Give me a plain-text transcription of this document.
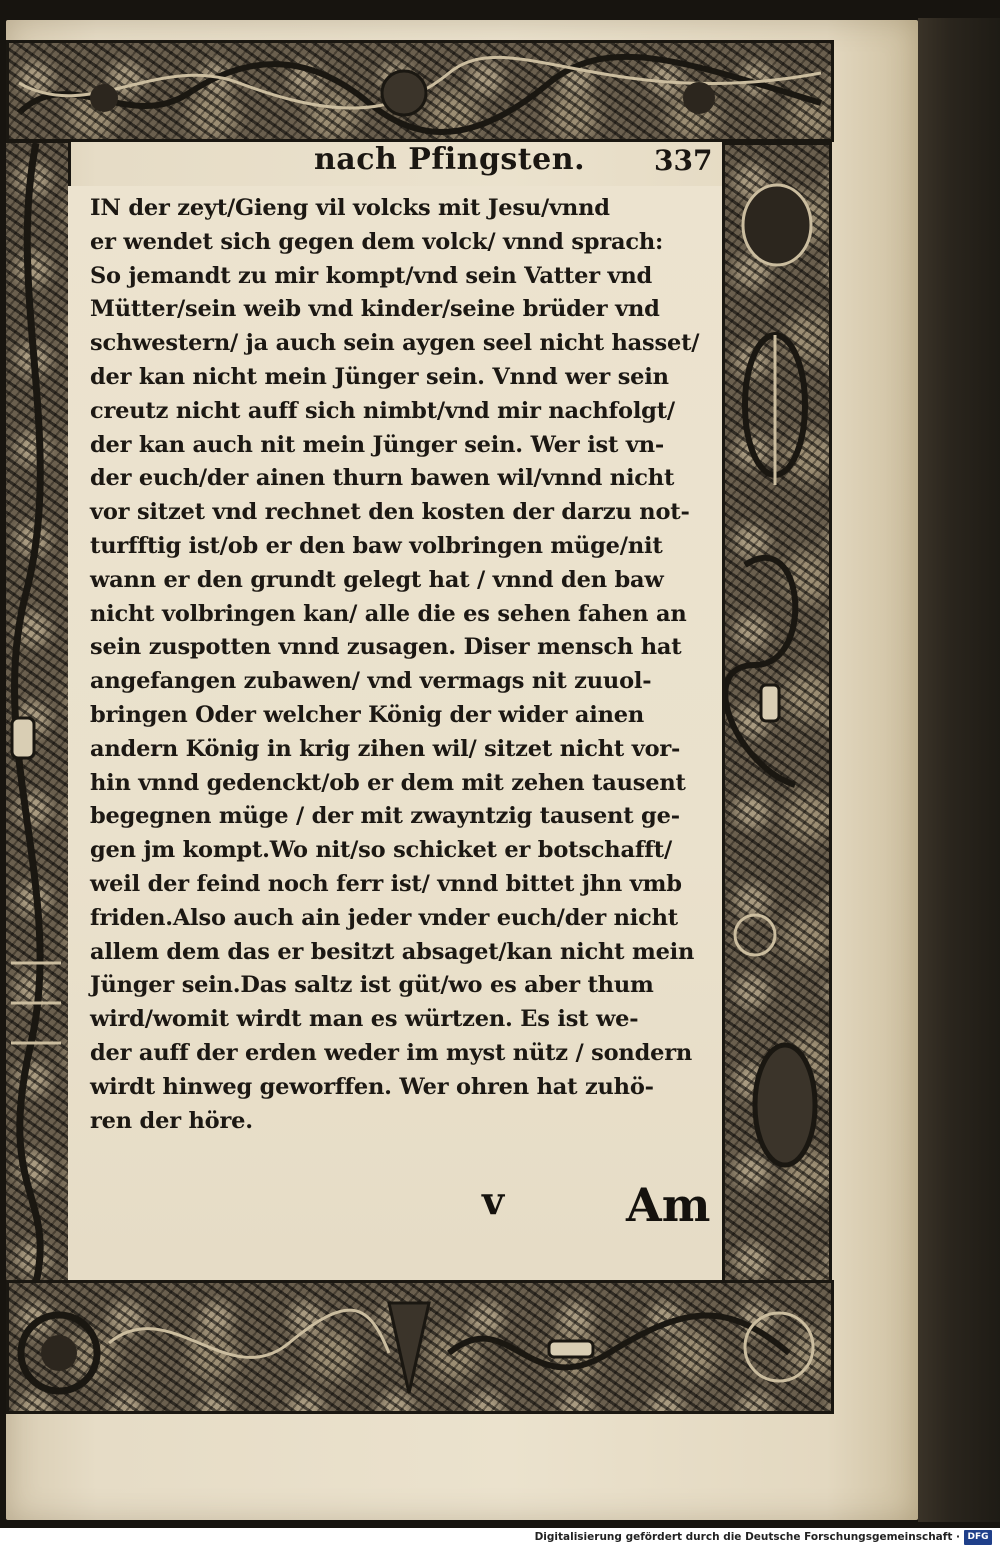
nach Pfingsten. 337
IN der zeyt/Gieng vil volcks mit Jesu/vnnd
er wendet sich gegen dem volck/ vnnd sprach:
So jemandt zu mir kompt/vnd sein Vatter vnd
Mütter/sein weib vnd kinder/seine brüder vnd
schwestern/ ja auch sein aygen seel nicht hasset/
der kan nicht mein Jünger sein. Vnnd wer sein
creutz nicht auff sich nimbt/vnd mir nachfolgt/
der kan auch nit mein Jünger sein. Wer ist vn-
der euch/der ainen thurn bawen wil/vnnd nicht
vor sitzet vnd rechnet den kosten der darzu not-
turfftig ist/ob er den baw volbringen müge/nit
wann er den grundt gelegt hat / vnnd den baw
nicht volbringen kan/ alle die es sehen fahen an
sein zuspotten vnnd zusagen. Diser mensch hat
angefangen zubawen/ vnd vermags nit zuuol-
bringen Oder welcher König der wider ainen
andern König in krig zihen wil/ sitzet nicht vor-
hin vnnd gedenckt/ob er dem mit zehen tausent
begegnen müge / der mit zwayntzig tausent ge-
gen jm kompt.Wo nit/so schicket er botschafft/
weil der feind noch ferr ist/ vnnd bittet jhn vmb
friden.Also auch ain jeder vnder euch/der nicht
allem dem das er besitzt absaget/kan nicht mein
Jünger sein.Das saltz ist güt/wo es aber thum
wird/womit wirdt man es würtzen. Es ist we-
der auff der erden weder im myst nütz / sondern
wirdt hinweg geworffen. Wer ohren hat zuhö-
ren der höre.
v	Am
Digitalisierung gefördert durch die Deutsche Forschungsgemeinschaft · DFG
